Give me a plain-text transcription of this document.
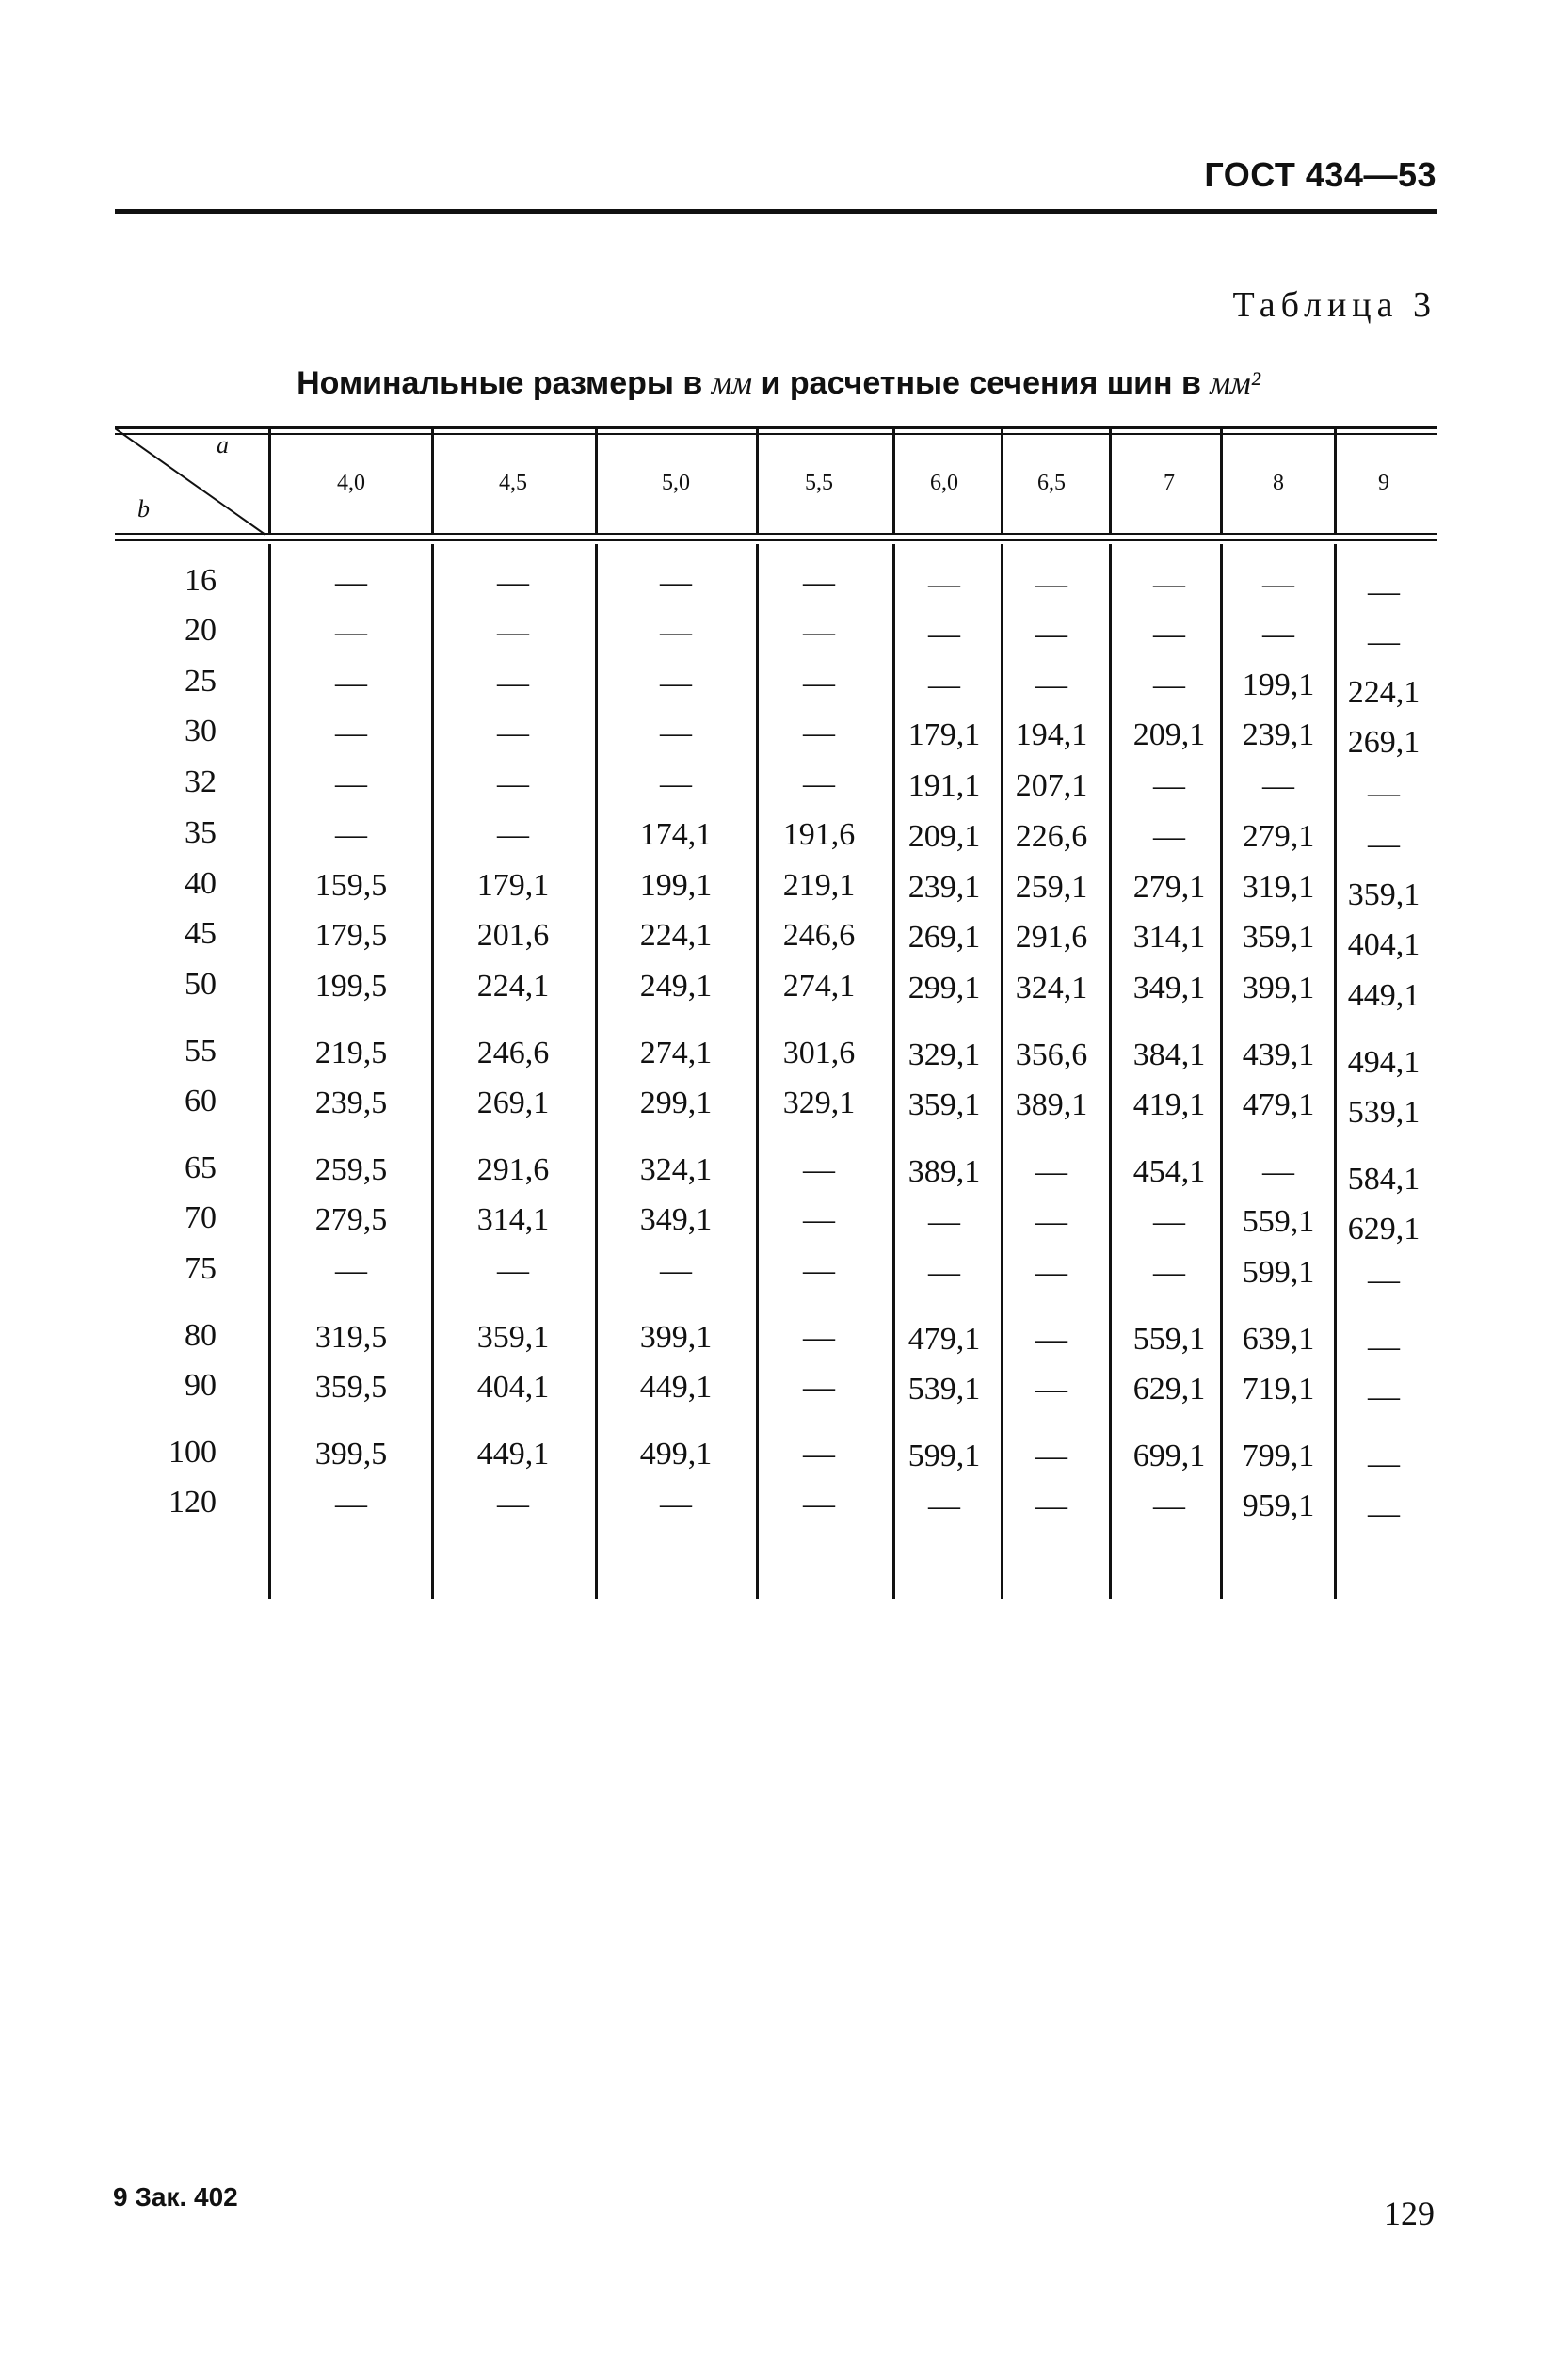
ГОСТ 434—53
Таблица 3
Номинальные размеры в мм и расчетные сечения шин в мм²
a
b
4,0	4,5	5,0	5,5	6,0	6,5	7	8	9
16	—	—	—	—	—	—	—	—	—
20	—	—	—	—	—	—	—	—	—
25	—	—	—	—	—	—	—	199,1	224,1
30	—	—	—	—	179,1	194,1	209,1	239,1	269,1
32	—	—	—	—	191,1	207,1	—	—	—
35	—	—	174,1	191,6	209,1	226,6	—	279,1	—
40	159,5	179,1	199,1	219,1	239,1	259,1	279,1	319,1	359,1
45	179,5	201,6	224,1	246,6	269,1	291,6	314,1	359,1	404,1
50	199,5	224,1	249,1	274,1	299,1	324,1	349,1	399,1	449,1
55	219,5	246,6	274,1	301,6	329,1	356,6	384,1	439,1	494,1
60	239,5	269,1	299,1	329,1	359,1	389,1	419,1	479,1	539,1
65	259,5	291,6	324,1	—	389,1	—	454,1	—	584,1
70	279,5	314,1	349,1	—	—	—	—	559,1	629,1
75	—	—	—	—	—	—	—	599,1	—
80	319,5	359,1	399,1	—	479,1	—	559,1	639,1	—
90	359,5	404,1	449,1	—	539,1	—	629,1	719,1	—
100	399,5	449,1	499,1	—	599,1	—	699,1	799,1	—
120	—	—	—	—	—	—	—	959,1	—
9 Зак. 402	129
